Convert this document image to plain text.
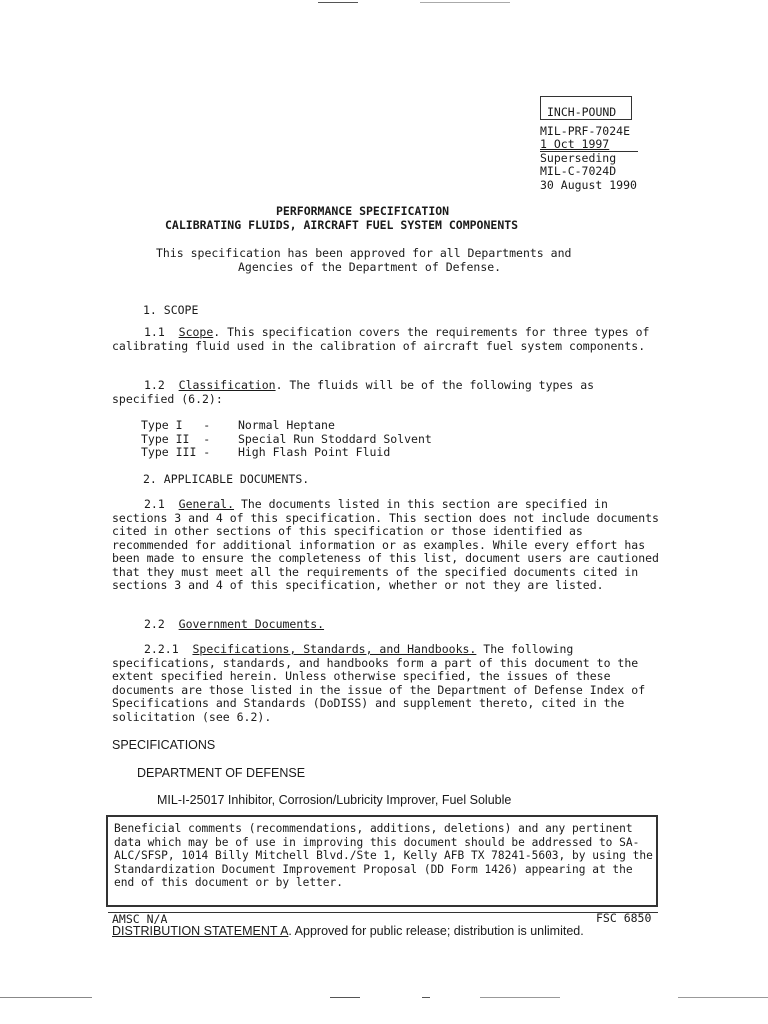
INCH-POUND
MIL-PRF-7024E
1 Oct 1997
Superseding
MIL-C-7024D
30 August 1990
PERFORMANCE SPECIFICATION
CALIBRATING FLUIDS, AIRCRAFT FUEL SYSTEM COMPONENTS
This specification has been approved for all Departments and
Agencies of the Department of Defense.
1. SCOPE
1.1 Scope. This specification covers the requirements for three types of calibrating fluid used in the calibration of aircraft fuel system components.
1.2 Classification. The fluids will be of the following types as specified (6.2):
Type I   - Normal Heptane
Type II  - Special Run Stoddard Solvent
Type III - High Flash Point Fluid
2. APPLICABLE DOCUMENTS.
2.1 General. The documents listed in this section are specified in sections 3 and 4 of this specification. This section does not include documents cited in other sections of this specification or those identified as recommended for additional information or as examples. While every effort has been made to ensure the completeness of this list, document users are cautioned that they must meet all the requirements of the specified documents cited in sections 3 and 4 of this specification, whether or not they are listed.
2.2 Government Documents.
2.2.1 Specifications, Standards, and Handbooks. The following specifications, standards, and handbooks form a part of this document to the extent specified herein. Unless otherwise specified, the issues of these documents are those listed in the issue of the Department of Defense Index of Specifications and Standards (DoDISS) and supplement thereto, cited in the solicitation (see 6.2).
SPECIFICATIONS
DEPARTMENT OF DEFENSE
MIL-I-25017 Inhibitor, Corrosion/Lubricity Improver, Fuel Soluble
Beneficial comments (recommendations, additions, deletions) and any pertinent data which may be of use in improving this document should be addressed to SA-ALC/SFSP, 1014 Billy Mitchell Blvd./Ste 1, Kelly AFB TX 78241-5603, by using the Standardization Document Improvement Proposal (DD Form 1426) appearing at the end of this document or by letter.
AMSC N/A	FSC 6850
DISTRIBUTION STATEMENT A. Approved for public release; distribution is unlimited.
